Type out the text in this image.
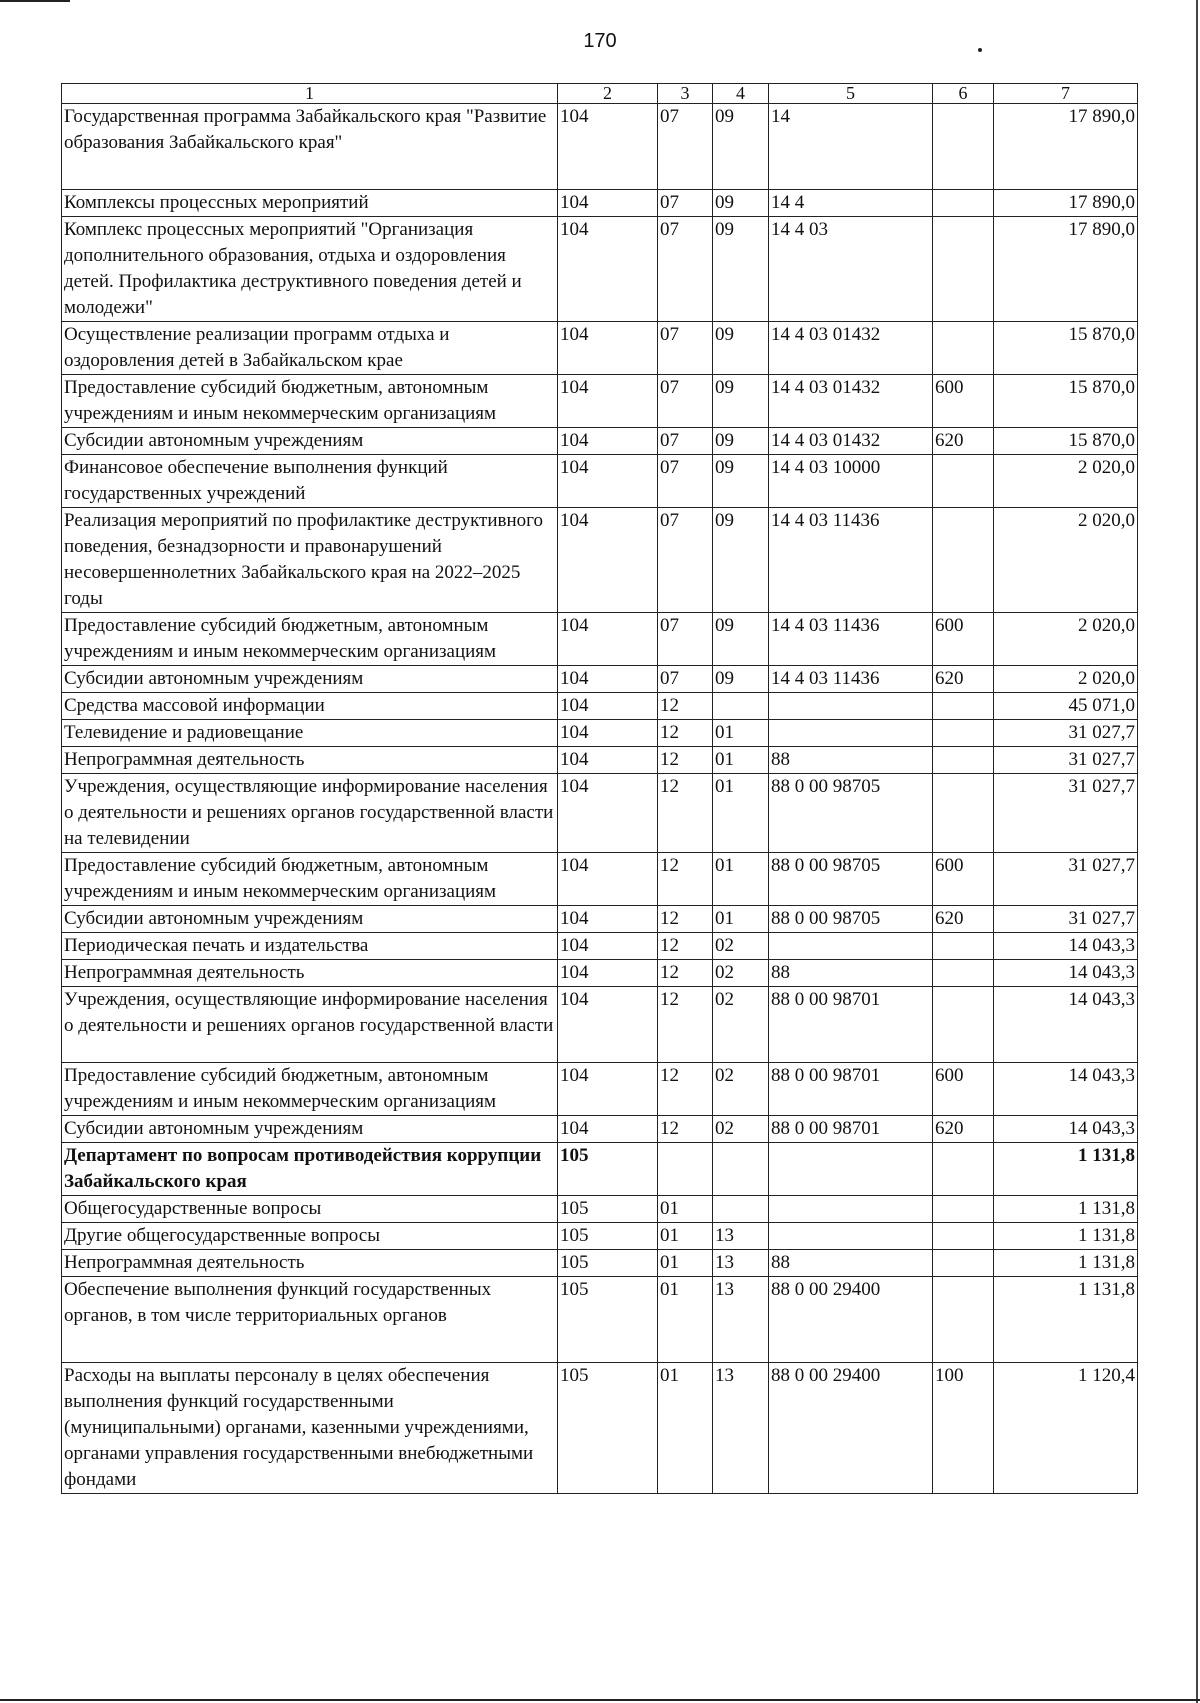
170
1	2	3	4	5	6	7
Государственная программа Забайкальского края "Развитие образования Забайкальского края"	104	07	09	14		17 890,0
Комплексы процессных мероприятий	104	07	09	14 4		17 890,0
Комплекс процессных мероприятий "Организация дополнительного образования, отдыха и оздоровления детей. Профилактика деструктивного поведения детей и молодежи"	104	07	09	14 4 03		17 890,0
Осуществление реализации программ отдыха и оздоровления детей в Забайкальском крае	104	07	09	14 4 03 01432		15 870,0
Предоставление субсидий бюджетным, автономным учреждениям и иным некоммерческим организациям	104	07	09	14 4 03 01432	600	15 870,0
Субсидии автономным учреждениям	104	07	09	14 4 03 01432	620	15 870,0
Финансовое обеспечение выполнения функций государственных учреждений	104	07	09	14 4 03 10000		2 020,0
Реализация мероприятий по профилактике деструктивного поведения, безнадзорности и правонарушений несовершеннолетних Забайкальского края на 2022–2025 годы	104	07	09	14 4 03 11436		2 020,0
Предоставление субсидий бюджетным, автономным учреждениям и иным некоммерческим организациям	104	07	09	14 4 03 11436	600	2 020,0
Субсидии автономным учреждениям	104	07	09	14 4 03 11436	620	2 020,0
Средства массовой информации	104	12				45 071,0
Телевидение и радиовещание	104	12	01			31 027,7
Непрограммная деятельность	104	12	01	88		31 027,7
Учреждения, осуществляющие информирование населения о деятельности и решениях органов государственной власти на телевидении	104	12	01	88 0 00 98705		31 027,7
Предоставление субсидий бюджетным, автономным учреждениям и иным некоммерческим организациям	104	12	01	88 0 00 98705	600	31 027,7
Субсидии автономным учреждениям	104	12	01	88 0 00 98705	620	31 027,7
Периодическая печать и издательства	104	12	02			14 043,3
Непрограммная деятельность	104	12	02	88		14 043,3
Учреждения, осуществляющие информирование населения о деятельности и решениях органов государственной власти	104	12	02	88 0 00 98701		14 043,3
Предоставление субсидий бюджетным, автономным учреждениям и иным некоммерческим организациям	104	12	02	88 0 00 98701	600	14 043,3
Субсидии автономным учреждениям	104	12	02	88 0 00 98701	620	14 043,3
Департамент по вопросам противодействия коррупции Забайкальского края	105					1 131,8
Общегосударственные вопросы	105	01				1 131,8
Другие общегосударственные вопросы	105	01	13			1 131,8
Непрограммная деятельность	105	01	13	88		1 131,8
Обеспечение выполнения функций государственных органов, в том числе территориальных органов	105	01	13	88 0 00 29400		1 131,8
Расходы на выплаты персоналу в целях обеспечения выполнения функций государственными (муниципальными) органами, казенными учреждениями, органами управления государственными внебюджетными фондами	105	01	13	88 0 00 29400	100	1 120,4
